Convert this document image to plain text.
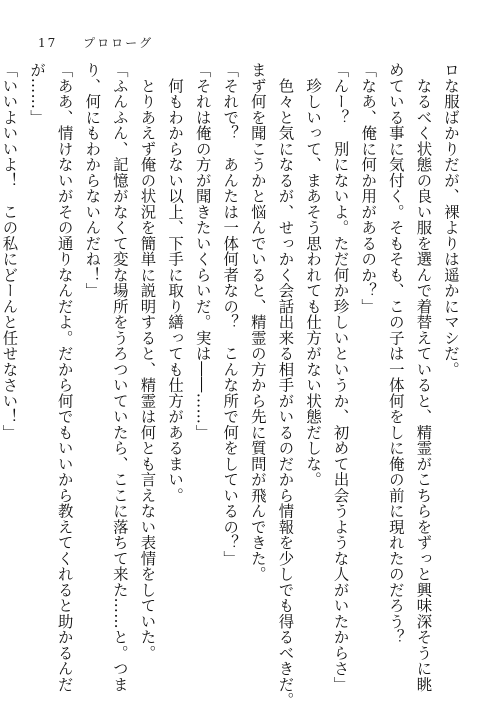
17 プロローグ

ロな服ばかりだが、裸よりは遥かにマシだ。

　なるべく状態の良い服を選んで着替えていると、精霊がこちらをずっと興味深そうに眺

めている事に気付く。そもそも、この子は一体何をしに俺の前に現れたのだろう？

「なあ、俺に何か用があるのか？」

「んー？　別にないよ。ただ何か珍しいというか、初めて出会うような人がいたからさ」

　珍しいって、まあそう思われても仕方がない状態だしな。

　色々と気になるが、せっかく会話出来る相手がいるのだから情報を少しでも得るべきだ。

まず何を聞こうかと悩んでいると、精霊の方から先に質問が飛んできた。

「それで？　あんたは一体何者なの？　こんな所で何をしているの？」

「それは俺の方が聞きたいくらいだ。実は――……」

　何もわからない以上、下手に取り繕っても仕方があるまい。

　とりあえず俺の状況を簡単に説明すると、精霊は何とも言えない表情をしていた。

「ふんふん、記憶がなくて変な場所をうろついていたら、ここに落ちて来た……と。つま

り、何にもわからないんだね！」

「ああ、情けないがその通りなんだよ。だから何でもいいから教えてくれると助かるんだ

が……」

「いいよいいよ！　この私にどーんと任せなさい！」
